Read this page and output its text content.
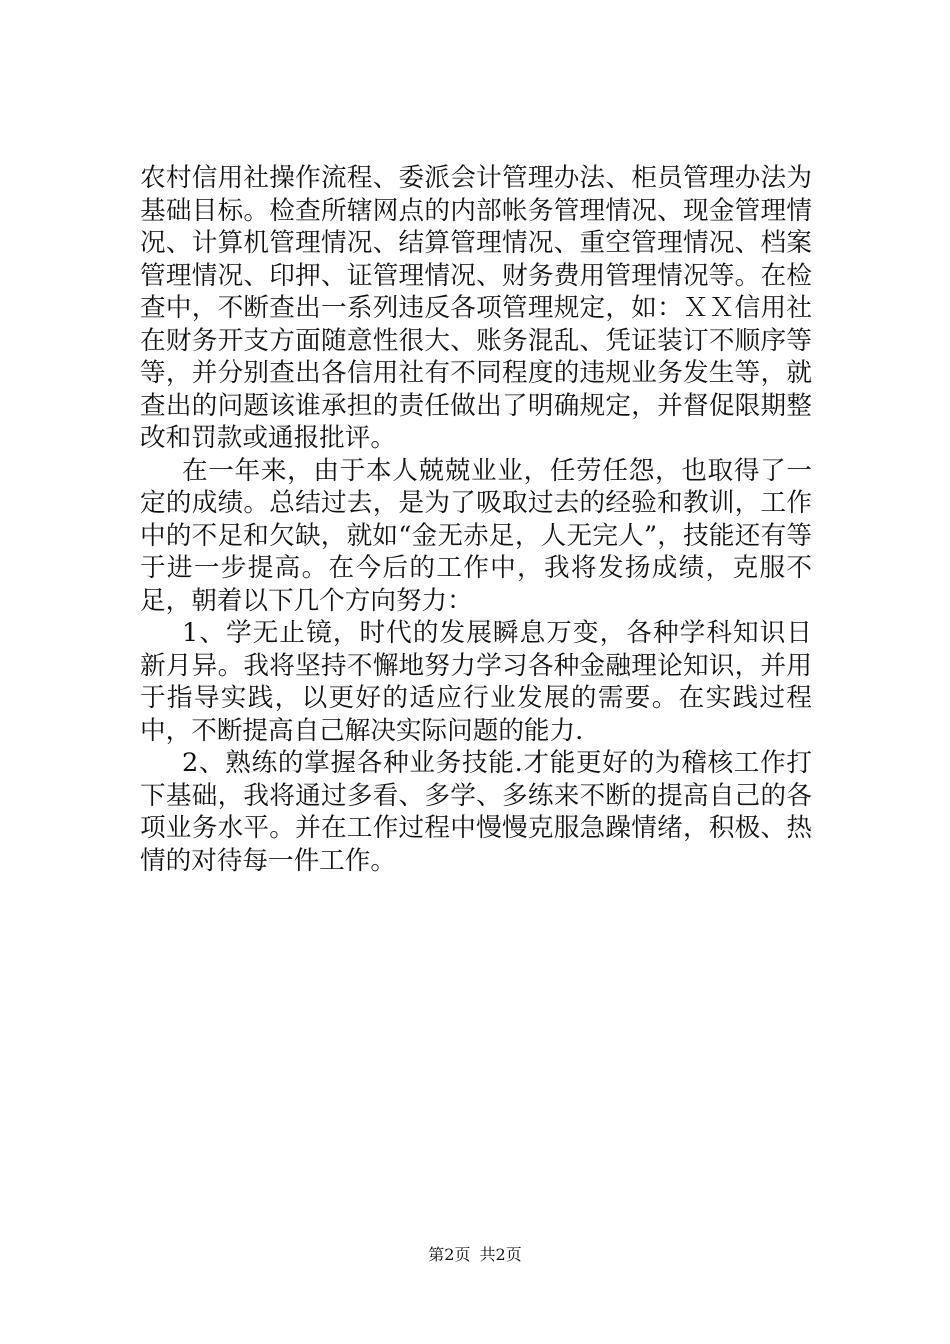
农村信用社操作流程、委派会计管理办法、柜员管理办法为基础目标。检查所辖网点的内部帐务管理情况、现金管理情况、计算机管理情况、结算管理情况、重空管理情况、档案管理情况、印押、证管理情况、财务费用管理情况等。在检查中，不断查出一系列违反各项管理规定，如：ＸＸ信用社在财务开支方面随意性很大、账务混乱、凭证装订不顺序等等，并分别查出各信用社有不同程度的违规业务发生等，就查出的问题该谁承担的责任做出了明确规定，并督促限期整改和罚款或通报批评。

在一年来，由于本人兢兢业业，任劳任怨，也取得了一定的成绩。总结过去，是为了吸取过去的经验和教训，工作中的不足和欠缺，就如“金无赤足，人无完人”，技能还有等于进一步提高。在今后的工作中，我将发扬成绩，克服不足，朝着以下几个方向努力：

1、学无止镜，时代的发展瞬息万变，各种学科知识日新月异。我将坚持不懈地努力学习各种金融理论知识，并用于指导实践，以更好的适应行业发展的需要。在实践过程中，不断提高自己解决实际问题的能力.

2、熟练的掌握各种业务技能.才能更好的为稽核工作打下基础，我将通过多看、多学、多练来不断的提高自己的各项业务水平。并在工作过程中慢慢克服急躁情绪，积极、热情的对待每一件工作。

第2页 共2页
